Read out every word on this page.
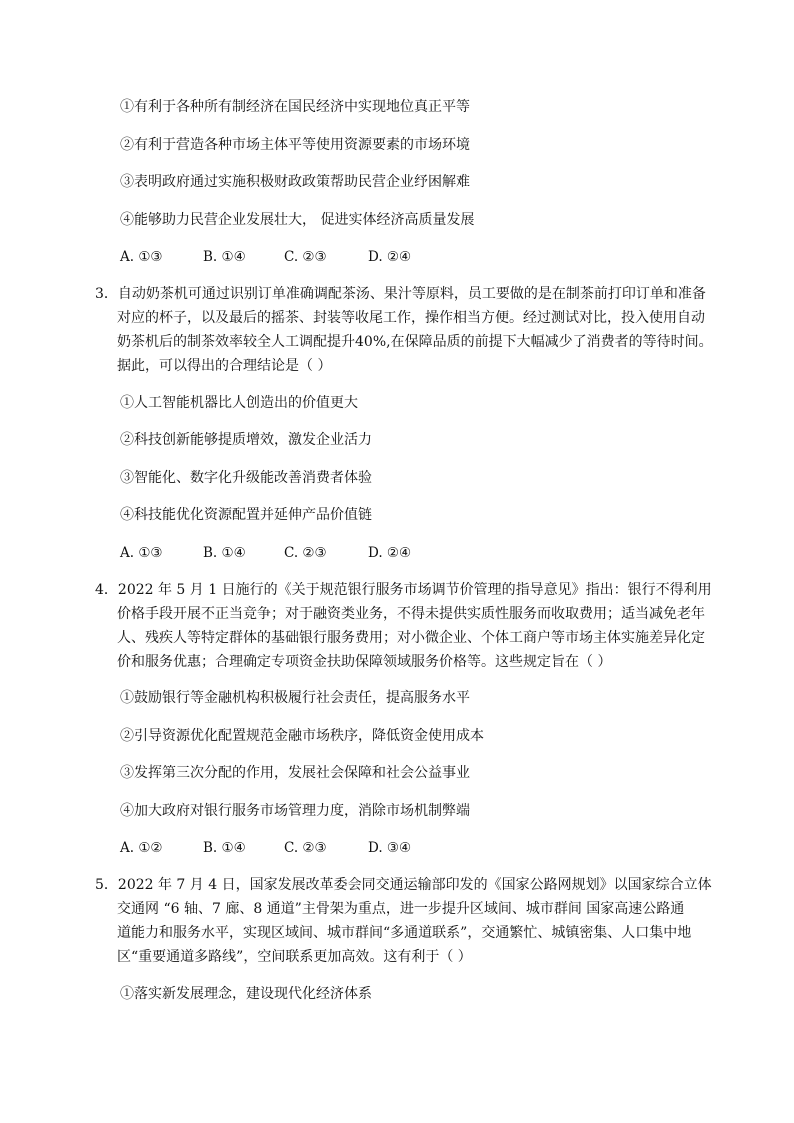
①有利于各种所有制经济在国民经济中实现地位真正平等
②有利于营造各种市场主体平等使用资源要素的市场环境
③表明政府通过实施积极财政政策帮助民营企业纾困解难
④能够助力民营企业发展壮大， 促进实体经济高质量发展
A. ①③	B. ①④	C. ②③	D. ②④
3．自动奶茶机可通过识别订单准确调配茶汤、果汁等原料，员工要做的是在制茶前打印订单和准备
对应的杯子，以及最后的摇茶、封装等收尾工作，操作相当方便。经过测试对比，投入使用自动
奶茶机后的制茶效率较全人工调配提升40%,在保障品质的前提下大幅减少了消费者的等待时间。
据此，可以得出的合理结论是（ ）
①人工智能机器比人创造出的价值更大
②科技创新能够提质增效，激发企业活力
③智能化、数字化升级能改善消费者体验
④科技能优化资源配置并延伸产品价值链
A. ①③	B. ①④	C. ②③	D. ②④
4．2022 年 5 月 1 日施行的《关于规范银行服务市场调节价管理的指导意见》指出：银行不得利用
价格手段开展不正当竞争；对于融资类业务，不得未提供实质性服务而收取费用；适当减免老年
人、残疾人等特定群体的基础银行服务费用；对小微企业、个体工商户等市场主体实施差异化定
价和服务优惠；合理确定专项资金扶助保障领域服务价格等。这些规定旨在（ ）
①鼓励银行等金融机构积极履行社会责任，提高服务水平
②引导资源优化配置规范金融市场秩序，降低资金使用成本
③发挥第三次分配的作用，发展社会保障和社会公益事业
④加大政府对银行服务市场管理力度，消除市场机制弊端
A. ①②	B. ①④	C. ②③	D. ③④
5．2022 年 7 月 4 日，国家发展改革委会同交通运输部印发的《国家公路网规划》以国家综合立体
交通网 “6 轴、7 廊、8 通道”主骨架为重点，进一步提升区域间、城市群间 国家高速公路通
道能力和服务水平，实现区域间、城市群间“多通道联系”，交通繁忙、城镇密集、人口集中地
区“重要通道多路线”，空间联系更加高效。这有利于（ ）
①落实新发展理念，建设现代化经济体系
